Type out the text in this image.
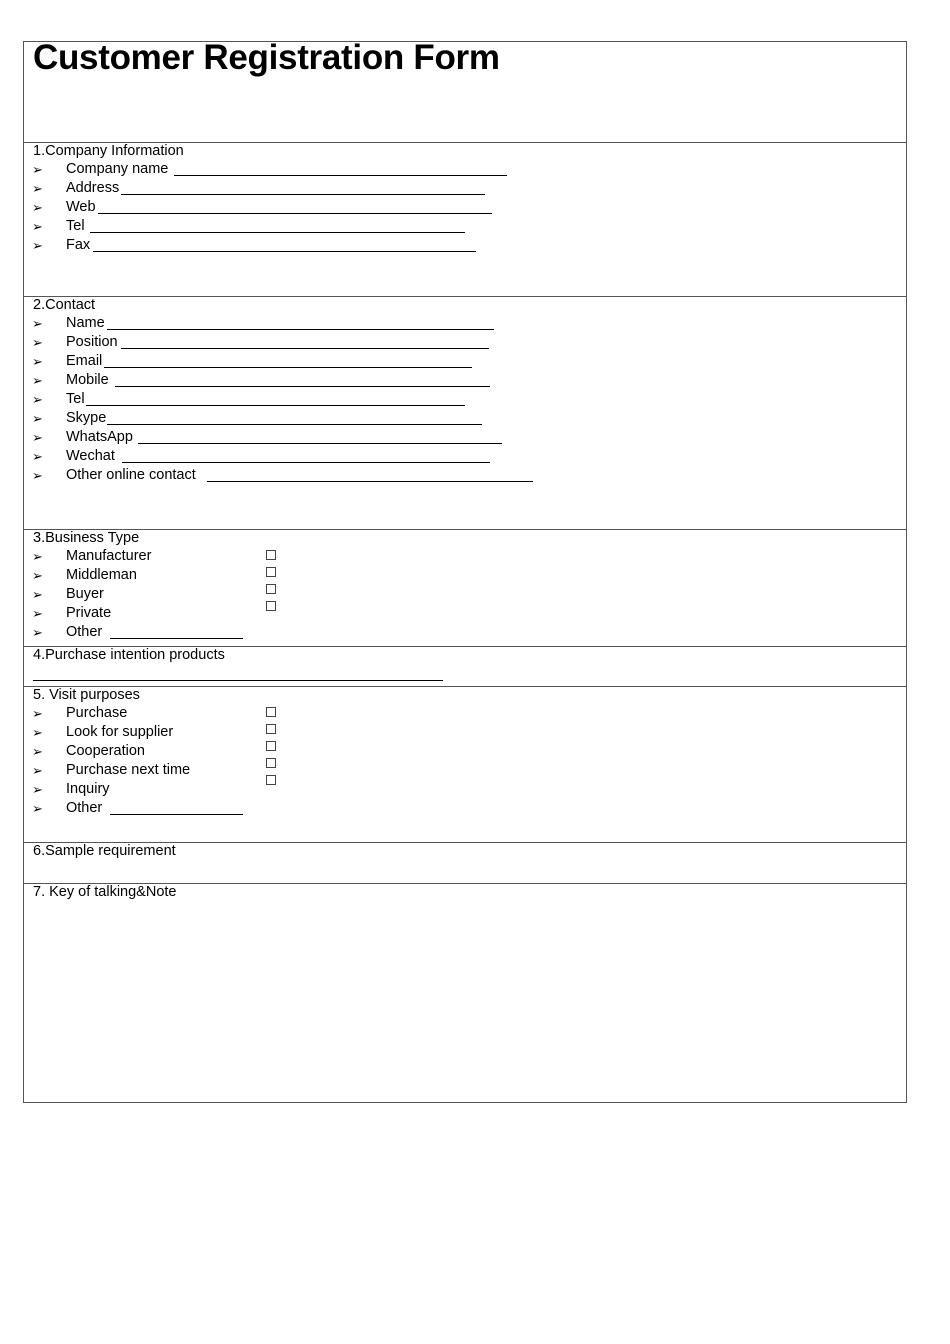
Customer Registration Form
1.Company Information
➢ Company name
➢ Address
➢ Web
➢ Tel
➢ Fax
2.Contact
➢ Name
➢ Position
➢ Email
➢ Mobile
➢ Tel
➢ Skype
➢ WhatsApp
➢ Wechat
➢ Other online contact
3.Business Type
➢ Manufacturer
➢ Middleman
➢ Buyer
➢ Private
➢ Other
4.Purchase intention products
5. Visit purposes
➢ Purchase
➢ Look for supplier
➢ Cooperation
➢ Purchase next time
➢ Inquiry
➢ Other
6.Sample requirement
7. Key of talking&Note
